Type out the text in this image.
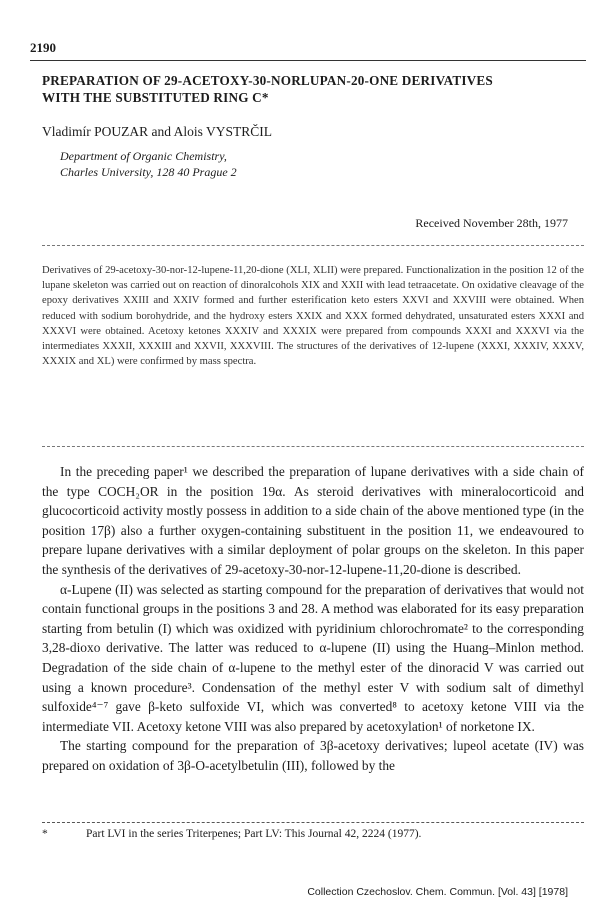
2190
PREPARATION OF 29-ACETOXY-30-NORLUPAN-20-ONE DERIVATIVES
WITH THE SUBSTITUTED RING C*
Vladimír POUZAR and Alois VYSTRČIL
Department of Organic Chemistry,
Charles University, 128 40 Prague 2
Received November 28th, 1977

Derivatives of 29-acetoxy-30-nor-12-lupene-11,20-dione (XLI, XLII) were prepared. Functionalization in the position 12 of the lupane skeleton was carried out on reaction of dinoralcohols XIX and XXII with lead tetraacetate. On oxidative cleavage of the epoxy derivatives XXIII and XXIV formed and further esterification keto esters XXVI and XXVIII were obtained. When reduced with sodium borohydride, and the hydroxy esters XXIX and XXX formed dehydrated, unsaturated esters XXXI and XXXVI were obtained. Acetoxy ketones XXXIV and XXXIX were prepared from compounds XXXI and XXXVI via the intermediates XXXII, XXXIII and XXVII, XXXVIII. The structures of the derivatives of 12-lupene (XXXI, XXXIV, XXXV, XXXIX and XL) were confirmed by mass spectra.

In the preceding paper¹ we described the preparation of lupane derivatives with a side chain of the type COCH₂OR in the position 19α. As steroid derivatives with mineralocorticoid and glucocorticoid activity mostly possess in addition to a side chain of the above mentioned type (in the position 17β) also a further oxygen-containing substituent in the position 11, we endeavoured to prepare lupane derivatives with a similar deployment of polar groups on the skeleton. In this paper the synthesis of the derivatives of 29-acetoxy-30-nor-12-lupene-11,20-dione is described.

α-Lupene (II) was selected as starting compound for the preparation of derivatives that would not contain functional groups in the positions 3 and 28. A method was elaborated for its easy preparation starting from betulin (I) which was oxidized with pyridinium chlorochromate² to the corresponding 3,28-dioxo derivative. The latter was reduced to α-lupene (II) using the Huang–Minlon method. Degradation of the side chain of α-lupene to the methyl ester of the dinoracid V was carried out using a known procedure³. Condensation of the methyl ester V with sodium salt of dimethyl sulfoxide⁴⁻⁷ gave β-keto sulfoxide VI, which was converted⁸ to acetoxy ketone VIII via the intermediate VII. Acetoxy ketone VIII was also prepared by acetoxylation¹ of norketone IX.

The starting compound for the preparation of 3β-acetoxy derivatives; lupeol acetate (IV) was prepared on oxidation of 3β-O-acetylbetulin (III), followed by the

*	Part LVI in the series Triterpenes; Part LV: This Journal 42, 2224 (1977).
Collection Czechoslov. Chem. Commun. [Vol. 43] [1978]
